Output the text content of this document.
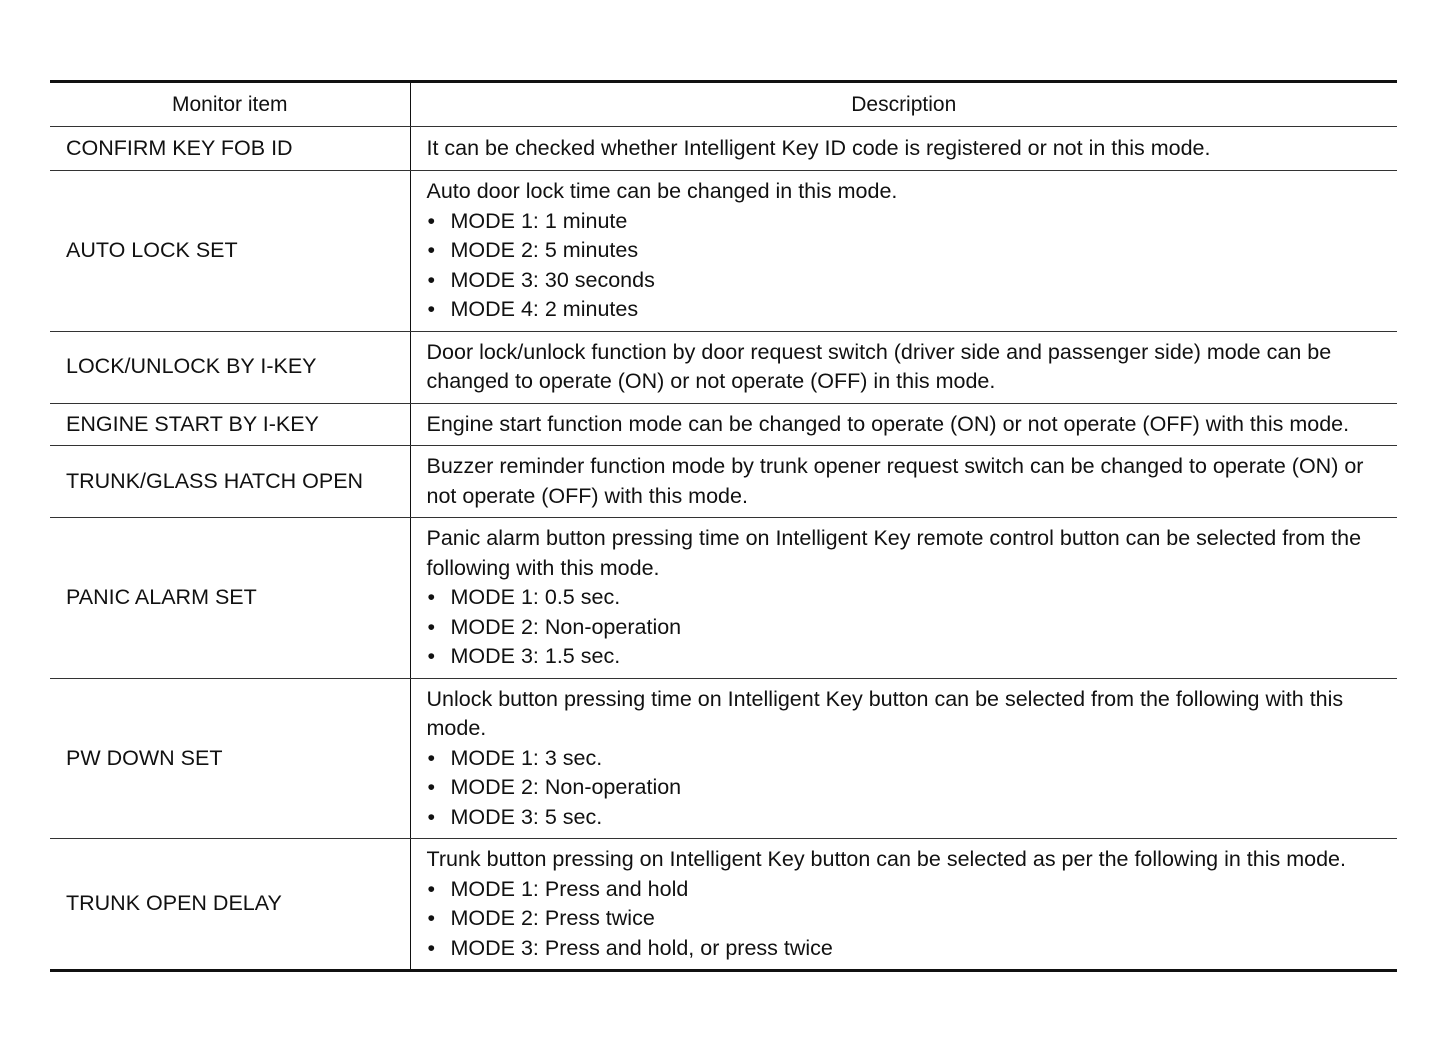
Monitor item	Description
CONFIRM KEY FOB ID	It can be checked whether Intelligent Key ID code is registered or not in this mode.

AUTO LOCK SET	Auto door lock time can be changed in this mode.
• MODE 1: 1 minute
• MODE 2: 5 minutes
• MODE 3: 30 seconds
• MODE 4: 2 minutes

LOCK/UNLOCK BY I-KEY	Door lock/unlock function by door request switch (driver side and passenger side) mode can be changed to operate (ON) or not operate (OFF) in this mode.

ENGINE START BY I-KEY	Engine start function mode can be changed to operate (ON) or not operate (OFF) with this mode.

TRUNK/GLASS HATCH OPEN	Buzzer reminder function mode by trunk opener request switch can be changed to operate (ON) or not operate (OFF) with this mode.

PANIC ALARM SET	Panic alarm button pressing time on Intelligent Key remote control button can be selected from the following with this mode.
• MODE 1: 0.5 sec.
• MODE 2: Non-operation
• MODE 3: 1.5 sec.

PW DOWN SET	Unlock button pressing time on Intelligent Key button can be selected from the following with this mode.
• MODE 1: 3 sec.
• MODE 2: Non-operation
• MODE 3: 5 sec.

TRUNK OPEN DELAY	Trunk button pressing on Intelligent Key button can be selected as per the following in this mode.
• MODE 1: Press and hold
• MODE 2: Press twice
• MODE 3: Press and hold, or press twice
